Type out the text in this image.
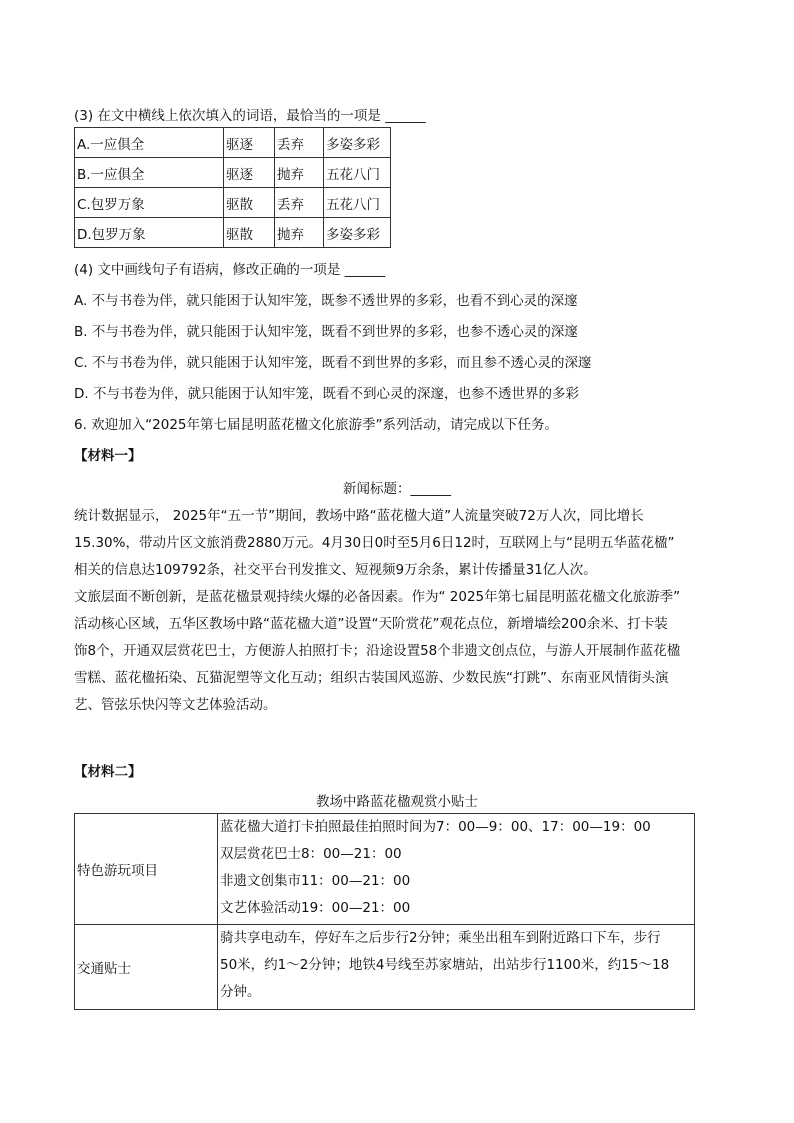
(3) 在文中横线上依次填入的词语，最恰当的一项是 ______
A.一应俱全	驱逐	丢弃	多姿多彩
B.一应俱全	驱逐	抛弃	五花八门
C.包罗万象	驱散	丢弃	五花八门
D.包罗万象	驱散	抛弃	多姿多彩
(4) 文中画线句子有语病，修改正确的一项是 ______
A. 不与书卷为伴，就只能困于认知牢笼，既参不透世界的多彩，也看不到心灵的深邃
B. 不与书卷为伴，就只能困于认知牢笼，既看不到世界的多彩，也参不透心灵的深邃
C. 不与书卷为伴，就只能困于认知牢笼，既看不到世界的多彩，而且参不透心灵的深邃
D. 不与书卷为伴，就只能困于认知牢笼，既看不到心灵的深邃，也参不透世界的多彩
6. 欢迎加入“2025年第七届昆明蓝花楹文化旅游季”系列活动，请完成以下任务。
【材料一】
新闻标题：______
统计数据显示， 2025年“五一节”期间，教场中路“蓝花楹大道”人流量突破72万人次，同比增长
15.30%，带动片区文旅消费2880万元。4月30日0时至5月6日12时，互联网上与“昆明五华蓝花楹”
相关的信息达109792条，社交平台刊发推文、短视频9万余条，累计传播量31亿人次。
文旅层面不断创新，是蓝花楹景观持续火爆的必备因素。作为“ 2025年第七届昆明蓝花楹文化旅游季”
活动核心区域，五华区教场中路“蓝花楹大道”设置“天阶赏花”观花点位，新增墙绘200余米、打卡装
饰8个，开通双层赏花巴士，方便游人拍照打卡；沿途设置58个非遗文创点位，与游人开展制作蓝花楹
雪糕、蓝花楹拓染、瓦猫泥塑等文化互动；组织古装国风巡游、少数民族“打跳”、东南亚风情街头演
艺、管弦乐快闪等文艺体验活动。
【材料二】
教场中路蓝花楹观赏小贴士
特色游玩项目	蓝花楹大道打卡拍照最佳拍照时间为7：00—9：00、17：00—19：00
双层赏花巴士8：00—21：00
非遗文创集市11：00—21：00
文艺体验活动19：00—21：00

交通贴士	骑共享电动车，停好车之后步行2分钟；乘坐出租车到附近路口下车，步行
50米，约1～2分钟；地铁4号线至苏家塘站，出站步行1100米，约15～18
分钟。
